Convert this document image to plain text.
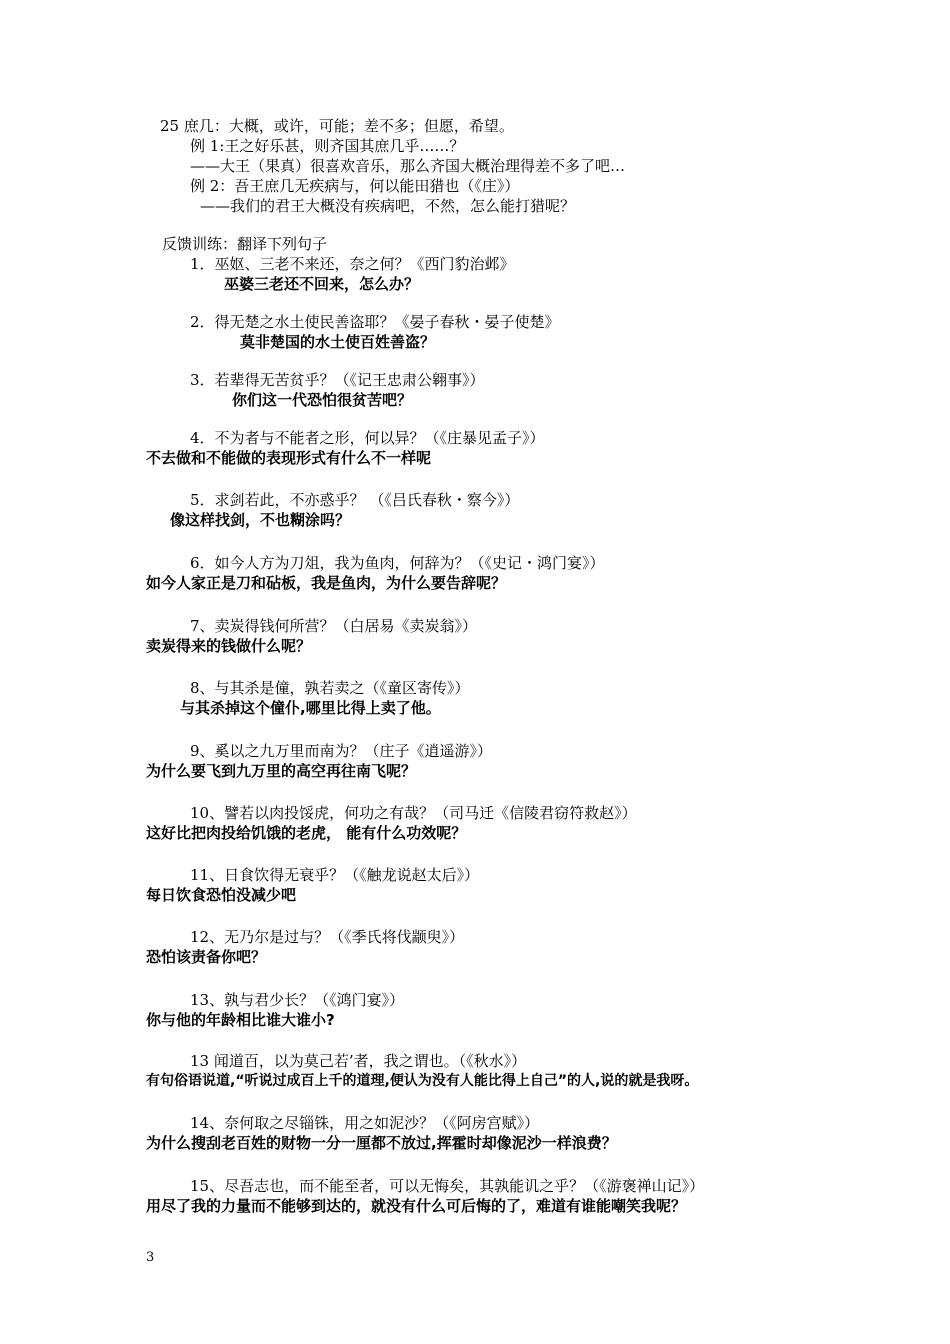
25 庶几：大概，或许，可能；差不多；但愿，希望。
例 1:王之好乐甚，则齐国其庶几乎……？
——大王（果真）很喜欢音乐，那么齐国大概治理得差不多了吧…
例 2：吾王庶几无疾病与，何以能田猎也（《庄》）
——我们的君王大概没有疾病吧，不然，怎么能打猎呢？
反馈训练：翻译下列句子
1．巫妪、三老不来还，奈之何？《西门豹治邺》
巫婆三老还不回来，怎么办？
2．得无楚之水土使民善盗耶？《晏子春秋・晏子使楚》
莫非楚国的水土使百姓善盗？
3．若辈得无苦贫乎？（《记王忠肃公翱事》）
你们这一代恐怕很贫苦吧？
4．不为者与不能者之形，何以异？（《庄暴见孟子》）
不去做和不能做的表现形式有什么不一样呢
5．求剑若此，不亦惑乎？ （《吕氏春秋・察今》）
像这样找剑，不也糊涂吗？
6．如今人方为刀俎，我为鱼肉，何辞为？（《史记・鸿门宴》）
如今人家正是刀和砧板，我是鱼肉，为什么要告辞呢？
7、卖炭得钱何所营？（白居易《卖炭翁》）
卖炭得来的钱做什么呢？
8、与其杀是僮，孰若卖之（《童区寄传》）
与其杀掉这个僮仆,哪里比得上卖了他。
9、奚以之九万里而南为？（庄子《逍遥游》）
为什么要飞到九万里的高空再往南飞呢？
10、譬若以肉投馁虎，何功之有哉？（司马迁《信陵君窃符救赵》）
这好比把肉投给饥饿的老虎， 能有什么功效呢？
11、日食饮得无衰乎？（《触龙说赵太后》）
每日饮食恐怕没减少吧
12、无乃尔是过与？（《季氏将伐颛臾》）
恐怕该责备你吧？
13、孰与君少长？（《鸿门宴》）
你与他的年龄相比谁大谁小?
13 闻道百，以为莫己若’者，我之谓也。（《秋水》）
有句俗语说道,“听说过成百上千的道理,便认为没有人能比得上自己”的人,说的就是我呀。
14、奈何取之尽锱铢，用之如泥沙？（《阿房宫赋》）
为什么搜刮老百姓的财物一分一厘都不放过,挥霍时却像泥沙一样浪费？
15、尽吾志也，而不能至者，可以无悔矣，其孰能讥之乎？（《游褒禅山记》）
用尽了我的力量而不能够到达的，就没有什么可后悔的了，难道有谁能嘲笑我呢？
3
